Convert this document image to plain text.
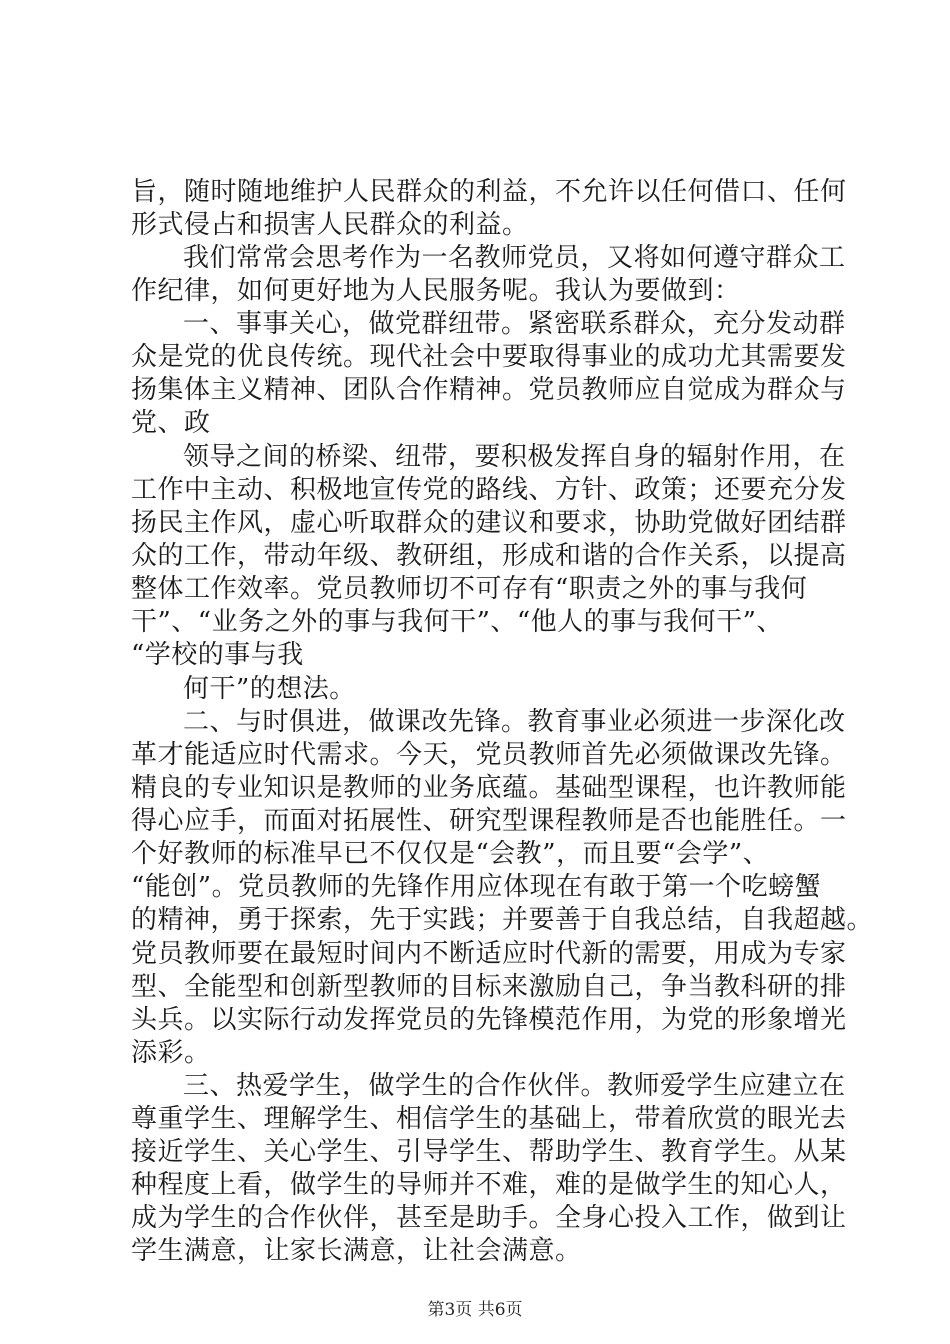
旨，随时随地维护人民群众的利益，不允许以任何借口、任何
形式侵占和损害人民群众的利益。
我们常常会思考作为一名教师党员，又将如何遵守群众工
作纪律，如何更好地为人民服务呢。我认为要做到：
一、事事关心，做党群纽带。紧密联系群众，充分发动群
众是党的优良传统。现代社会中要取得事业的成功尤其需要发
扬集体主义精神、团队合作精神。党员教师应自觉成为群众与
党、政
领导之间的桥梁、纽带，要积极发挥自身的辐射作用，在
工作中主动、积极地宣传党的路线、方针、政策；还要充分发
扬民主作风，虚心听取群众的建议和要求，协助党做好团结群
众的工作，带动年级、教研组，形成和谐的合作关系，以提高
整体工作效率。党员教师切不可存有“职责之外的事与我何
干”、“业务之外的事与我何干”、“他人的事与我何干”、
“学校的事与我
何干”的想法。
二、与时俱进，做课改先锋。教育事业必须进一步深化改
革才能适应时代需求。今天，党员教师首先必须做课改先锋。
精良的专业知识是教师的业务底蕴。基础型课程，也许教师能
得心应手，而面对拓展性、研究型课程教师是否也能胜任。一
个好教师的标准早已不仅仅是“会教”，而且要“会学”、
“能创”。党员教师的先锋作用应体现在有敢于第一个吃螃蟹
的精神，勇于探索，先于实践；并要善于自我总结，自我超越。
党员教师要在最短时间内不断适应时代新的需要，用成为专家
型、全能型和创新型教师的目标来激励自己，争当教科研的排
头兵。以实际行动发挥党员的先锋模范作用，为党的形象增光
添彩。
三、热爱学生，做学生的合作伙伴。教师爱学生应建立在
尊重学生、理解学生、相信学生的基础上，带着欣赏的眼光去
接近学生、关心学生、引导学生、帮助学生、教育学生。从某
种程度上看，做学生的导师并不难，难的是做学生的知心人，
成为学生的合作伙伴，甚至是助手。全身心投入工作，做到让
学生满意，让家长满意，让社会满意。
第3页 共6页
